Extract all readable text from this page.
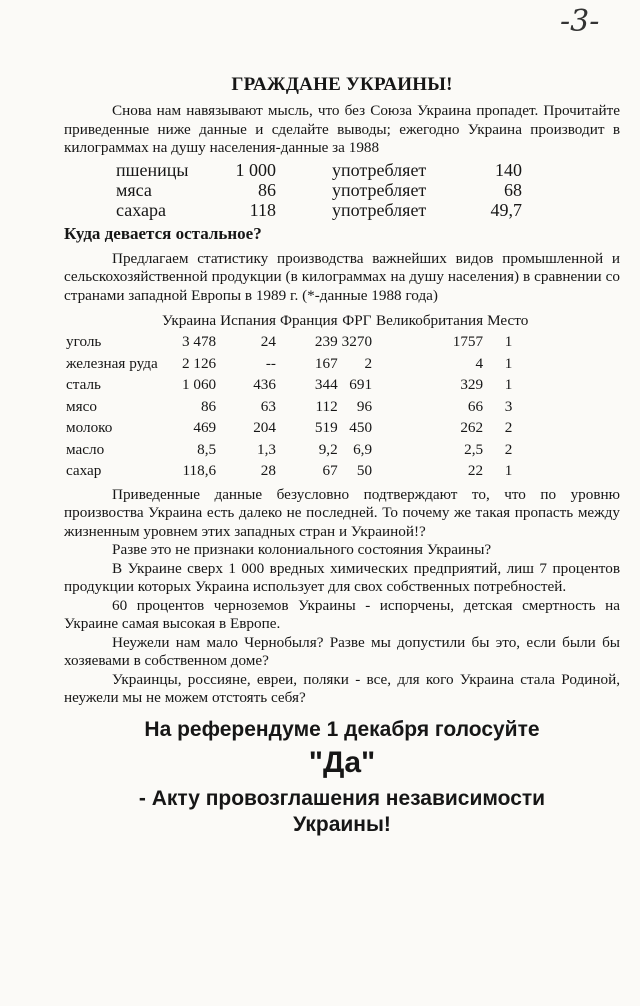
-3-
ГРАЖДАНЕ УКРАИНЫ!

Снова нам навязывают мысль, что без Союза Украина пропадет. Прочитайте приведенные ниже данные и сделайте выводы; ежегодно Украина производит в килограммах на душу населения-данные за 1988

пшеницы	1 000	употребляет	140
мяса	86	употребляет	68
сахара	118	употребляет	49,7
Куда девается остальное?

Предлагаем статистику производства важнейших видов промышленной и сельскохозяйственной продукции (в килограммах на душу населения) в сравнении со странами западной Европы в 1989 г. (*-данные 1988 года)

	Украина	Испания	Франция	ФРГ	Великобритания	Место
уголь	3 478	24	239	3270	1757	1
железная руда	2 126	--	167	2	4	1
сталь	1 060	436	344	691	329	1
мясо	86	63	112	96	66	3
молоко	469	204	519	450	262	2
масло	8,5	1,3	9,2	6,9	2,5	2
сахар	118,6	28	67	50	22	1

Приведенные данные безусловно подтверждают то, что по уровню произвоства Украина есть далеко не последней. То почему же такая пропасть между жизненным уровнем этих западных стран и Украиной!?

Разве это не признаки колониального состояния Украины?

В Украине сверх 1 000 вредных химических предприятий, лиш 7 процентов продукции которых Украина использует для свох собственных потребностей.

60 процентов черноземов Украины - испорчены, детская смертность на Украине самая высокая в Европе.

Неужели нам мало Чернобыля? Разве мы допустили бы это, если были бы хозяевами в собственном доме?

Украинцы, россияне, евреи, поляки - все, для кого Украина стала Родиной, неужели мы не можем отстоять себя?

На референдуме 1 декабря голосуйте
"Да"
- Акту провозглашения независимости
Украины!
